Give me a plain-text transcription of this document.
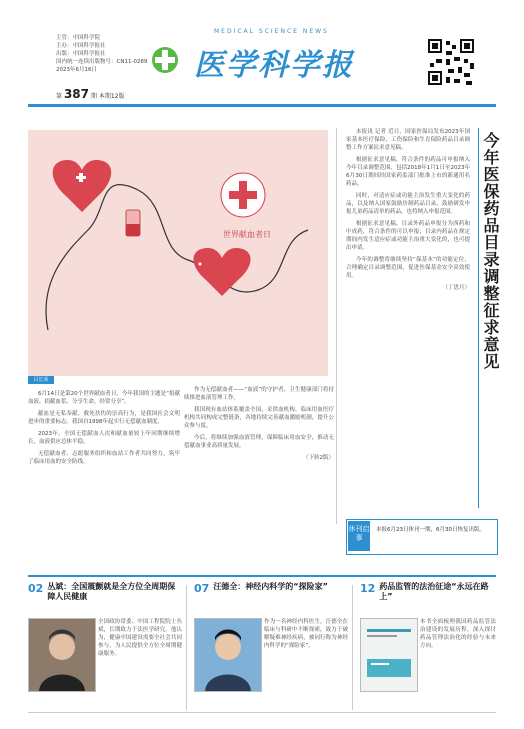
主管：中国科学院
主办：中国科学报社
出版：中国科学报社
国内统一连续出版物号：CN11-0289
2023年6月16日
第 387 期 本期12版
MEDICAL SCIENCE NEWS
医学科学报
世界献血者日
吕长荣

6月14日是第20个世界献血者日，今年我国的主题是“捐献血液、捐献血浆、分享生命，经常分享”。

献血是无私奉献、救死扶伤的崇高行为，是我国社会文明进步的重要标志。我国自1998年起实行无偿献血制度，

2023年，全国无偿献血人次和献血量较上年同期继续增长，血液供应总体平稳，

无偿献血者、志愿服务组织和血站工作者共同努力，筑牢了临床用血的安全防线。

作为无偿献血者——“血液”的守护者，卫生健康部门将持续推进血液管理工作。

我国现有血站体系覆盖全国，采供血机构、临床用血医疗机构共同构成完整链条，各地持续完善献血激励机制，提升公众参与度。

今后，将继续加强血液管理，保障临床用血安全，推动无偿献血事业高质量发展。

（下转2版）

本报讯 记者 近日，国家医保局发布2023年国家基本医疗保险、工伤保险和生育保险药品目录调整工作方案征求意见稿。

根据征求意见稿，符合条件的药品可申报纳入今年目录调整范围，包括2018年1月1日至2023年6月30日期间经国家药监部门批准上市的新通用名药品。

同时，对适应症或功能主治发生重大变化的药品，以及纳入国家鼓励仿制药品目录、鼓励研发申报儿童药品清单的药品，也将纳入申报范围。

根据征求意见稿，目录外药品申报分为西药和中成药，符合条件的可以申报；目录内药品在规定期间内发生适应症或功能主治重大变化的，也可提出申请。

今年的调整将继续坚持“保基本”的功能定位，合理确定目录调整范围，促进医保基金安全高效使用。

（丁思月） 今年医保药品目录调整征求意见
休刊启事
本报6月23日休刊一期，6月30日恢复出版。
02 丛斌：全国震颤就是全方位全周期保障人民健康
全国政协常委、中国工程院院士丛斌，长期致力于法医学研究。他认为，健康中国建设需要全社会共同参与，为人民提供全方位全周期健康服务。
07 汪德全：神经内科学的“探险家”
作为一名神经内科医生，汪德全在临床与科研中不断探索，致力于破解疑难神经疾病，被同行称为神经内科学的“探险家”。
12 药品监管的法治征途“永远在路上”
本书全面梳理我国药品监管法治建设的发展历程，深入探讨药品管理法治化的经验与未来方向。
